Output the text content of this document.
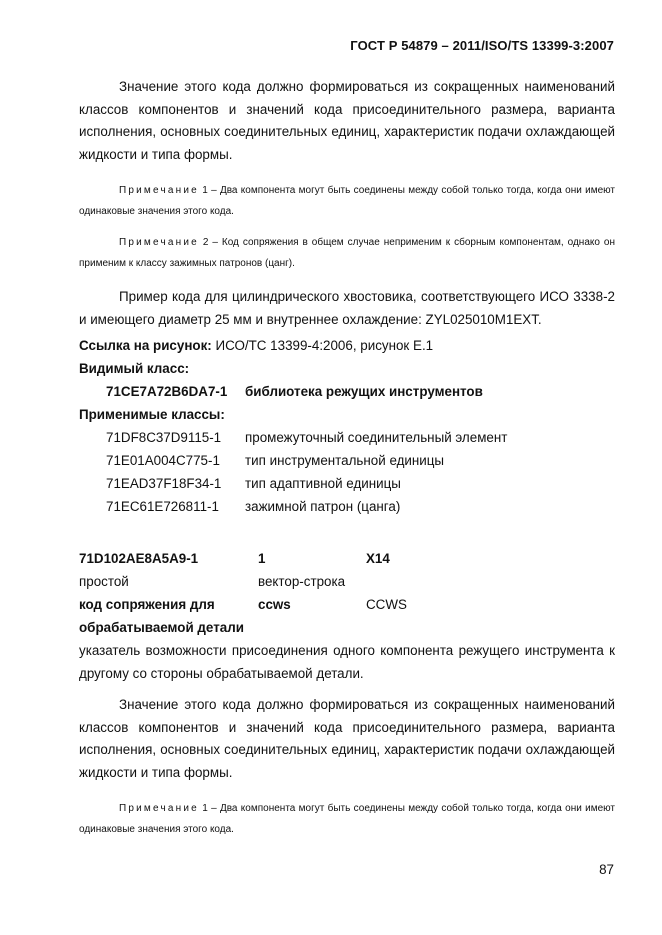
ГОСТ Р 54879 – 2011/ISO/TS 13399-3:2007
Значение этого кода должно формироваться из сокращенных наименований классов компонентов и значений кода присоединительного размера, варианта исполнения, основных соединительных единиц, характеристик подачи охлаждающей жидкости и типа формы.
Примечание 1 – Два компонента могут быть соединены между собой только тогда, когда они имеют одинаковые значения этого кода.
Примечание 2 – Код сопряжения в общем случае неприменим к сборным компонентам, однако он применим к классу зажимных патронов (цанг).
Пример кода для цилиндрического хвостовика, соответствующего ИСО 3338-2 и имеющего диаметр 25 мм и внутреннее охлаждение: ZYL025010M1EXT.
Ссылка на рисунок: ИСО/ТС 13399-4:2006, рисунок Е.1
Видимый класс:
71CE7A72B6DA7-1 библиотека режущих инструментов
Применимые классы:
71DF8C37D9115-1 промежуточный соединительный элемент
71E01A004C775-1 тип инструментальной единицы
71EAD37F18F34-1 тип адаптивной единицы
71EC61E726811-1 зажимной патрон (цанга)
71D102AE8A5A9-1	1	X14
простой	вектор-строка
код сопряжения для	ccws	CCWS
обрабатываемой детали
указатель возможности присоединения одного компонента режущего инструмента к другому со стороны обрабатываемой детали.
Значение этого кода должно формироваться из сокращенных наименований классов компонентов и значений кода присоединительного размера, варианта исполнения, основных соединительных единиц, характеристик подачи охлаждающей жидкости и типа формы.
Примечание 1 – Два компонента могут быть соединены между собой только тогда, когда они имеют одинаковые значения этого кода.
87
